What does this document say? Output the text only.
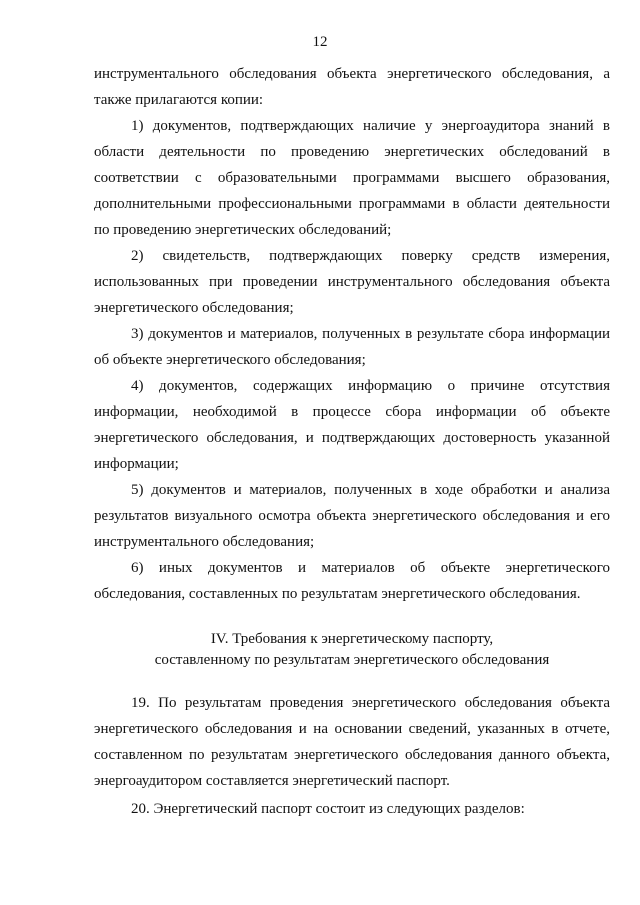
12

инструментального обследования объекта энергетического обследования, а также прилагаются копии:

1) документов, подтверждающих наличие у энергоаудитора знаний в области деятельности по проведению энергетических обследований в соответствии с образовательными программами высшего образования, дополнительными профессиональными программами в области деятельности по проведению энергетических обследований;

2) свидетельств, подтверждающих поверку средств измерения, использованных при проведении инструментального обследования объекта энергетического обследования;

3) документов и материалов, полученных в результате сбора информации об объекте энергетического обследования;

4) документов, содержащих информацию о причине отсутствия информации, необходимой в процессе сбора информации об объекте энергетического обследования, и подтверждающих достоверность указанной информации;

5) документов и материалов, полученных в ходе обработки и анализа результатов визуального осмотра объекта энергетического обследования и его инструментального обследования;

6) иных документов и материалов об объекте энергетического обследования, составленных по результатам энергетического обследования.

IV. Требования к энергетическому паспорту,
составленному по результатам энергетического обследования

19. По результатам проведения энергетического обследования объекта энергетического обследования и на основании сведений, указанных в отчете, составленном по результатам энергетического обследования данного объекта, энергоаудитором составляется энергетический паспорт.

20. Энергетический паспорт состоит из следующих разделов:
